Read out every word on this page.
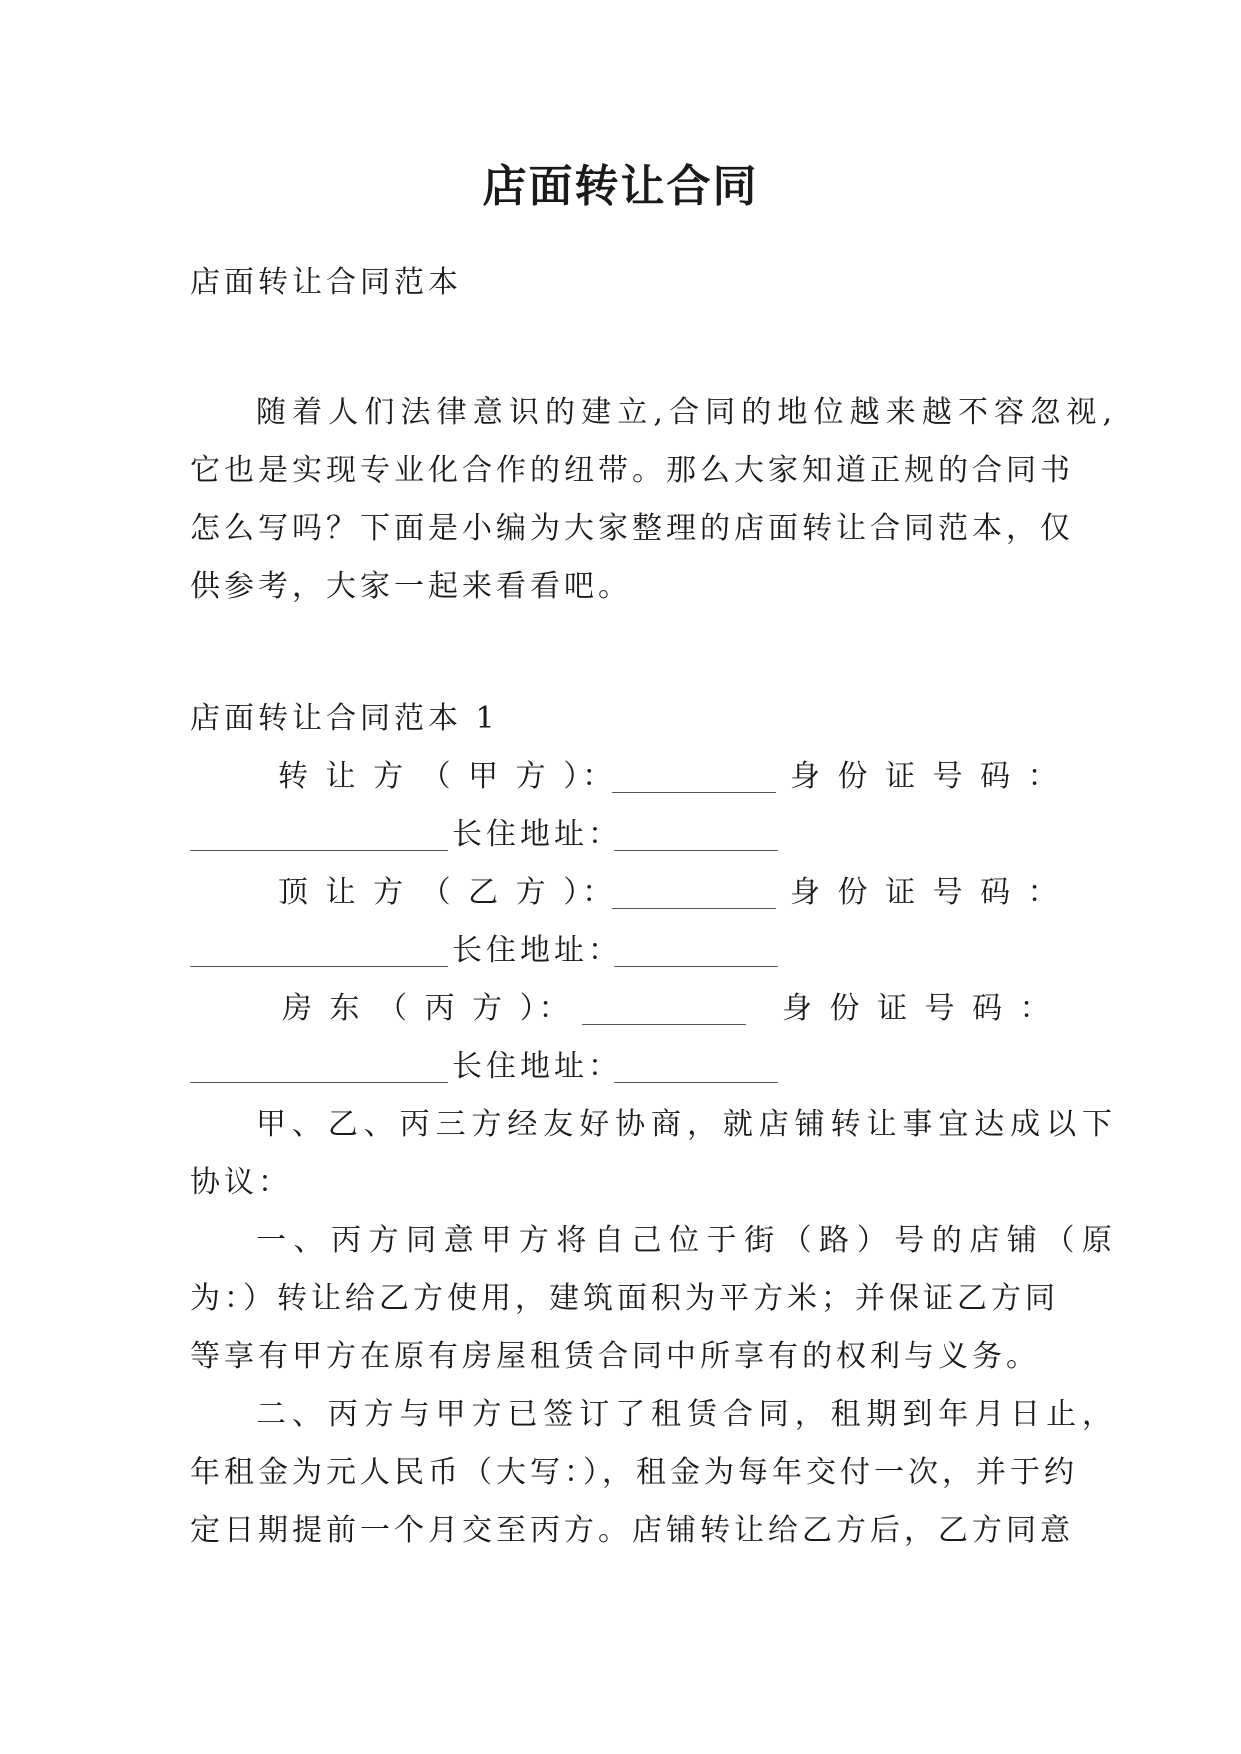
店面转让合同
店面转让合同范本
随着人们法律意识的建立,合同的地位越来越不容忽视,
它也是实现专业化合作的纽带。那么大家知道正规的合同书
怎么写吗？下面是小编为大家整理的店面转让合同范本，仅
供参考，大家一起来看看吧。
店面转让合同范本 1
转 让 方 （ 甲 方 ）：	身 份 证 号 码 ：
长住地址：
顶 让 方 （ 乙 方 ）：	身 份 证 号 码 ：
长住地址：
房 东 （ 丙 方 ）：	身 份 证 号 码 ：
长住地址：
甲、乙、丙三方经友好协商，就店铺转让事宜达成以下
协议：
一、丙方同意甲方将自己位于街（路）号的店铺（原
为：）转让给乙方使用，建筑面积为平方米；并保证乙方同
等享有甲方在原有房屋租赁合同中所享有的权利与义务。
二、丙方与甲方已签订了租赁合同，租期到年月日止，
年租金为元人民币（大写：），租金为每年交付一次，并于约
定日期提前一个月交至丙方。店铺转让给乙方后，乙方同意
